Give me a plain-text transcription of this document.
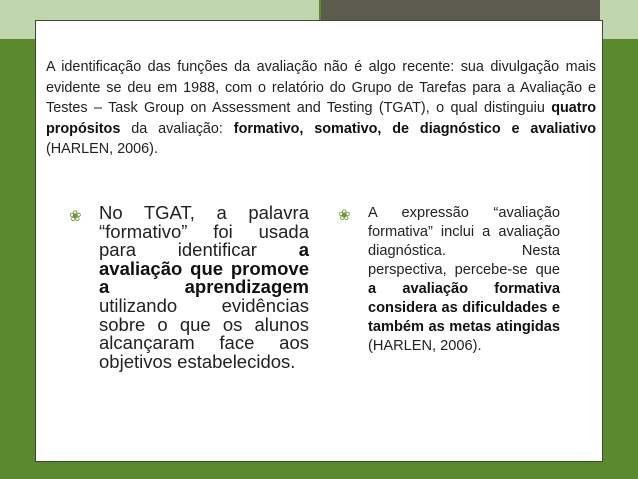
A identificação das funções da avaliação não é algo recente: sua divulgação mais evidente se deu em 1988, com o relatório do Grupo de Tarefas para a Avaliação e Testes – Task Group on Assessment and Testing (TGAT), o qual distinguiu quatro propósitos da avaliação: formativo, somativo, de diagnóstico e avaliativo (HARLEN, 2006).

❀ No TGAT, a palavra “formativo” foi usada para identificar a avaliação que promove a aprendizagem utilizando evidências sobre o que os alunos alcançaram face aos objetivos estabelecidos.
❀	A expressão “avaliação formativa” inclui a avaliação diagnóstica. Nesta perspectiva, percebe-se que a avaliação formativa considera as dificuldades e também as metas atingidas (HARLEN, 2006).
